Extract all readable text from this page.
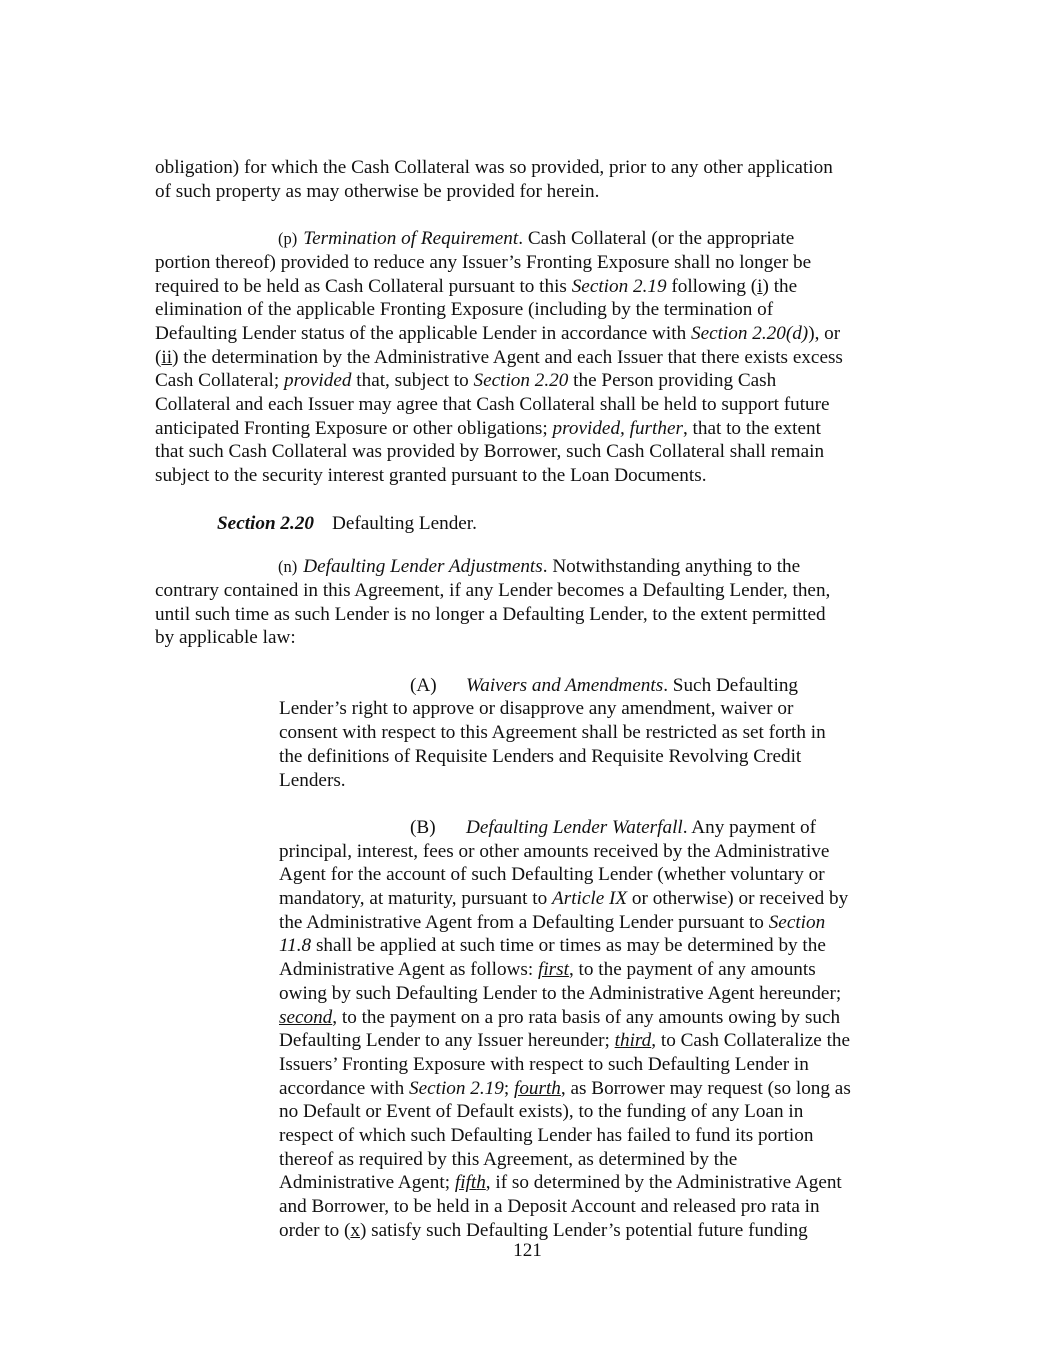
obligation) for which the Cash Collateral was so provided, prior to any other application
of such property as may otherwise be provided for herein.

(p) Termination of Requirement. Cash Collateral (or the appropriate
portion thereof) provided to reduce any Issuer’s Fronting Exposure shall no longer be
required to be held as Cash Collateral pursuant to this Section 2.19 following (i) the
elimination of the applicable Fronting Exposure (including by the termination of
Defaulting Lender status of the applicable Lender in accordance with Section 2.20(d)), or
(ii) the determination by the Administrative Agent and each Issuer that there exists excess
Cash Collateral; provided that, subject to Section 2.20 the Person providing Cash
Collateral and each Issuer may agree that Cash Collateral shall be held to support future
anticipated Fronting Exposure or other obligations; provided, further, that to the extent
that such Cash Collateral was provided by Borrower, such Cash Collateral shall remain
subject to the security interest granted pursuant to the Loan Documents.

Section 2.20 Defaulting Lender.

(n) Defaulting Lender Adjustments. Notwithstanding anything to the
contrary contained in this Agreement, if any Lender becomes a Defaulting Lender, then,
until such time as such Lender is no longer a Defaulting Lender, to the extent permitted
by applicable law:

(A) Waivers and Amendments. Such Defaulting
Lender’s right to approve or disapprove any amendment, waiver or
consent with respect to this Agreement shall be restricted as set forth in
the definitions of Requisite Lenders and Requisite Revolving Credit
Lenders.
(B) Defaulting Lender Waterfall. Any payment of
principal, interest, fees or other amounts received by the Administrative
Agent for the account of such Defaulting Lender (whether voluntary or
mandatory, at maturity, pursuant to Article IX or otherwise) or received by
the Administrative Agent from a Defaulting Lender pursuant to Section
11.8 shall be applied at such time or times as may be determined by the
Administrative Agent as follows: first, to the payment of any amounts
owing by such Defaulting Lender to the Administrative Agent hereunder;
second, to the payment on a pro rata basis of any amounts owing by such
Defaulting Lender to any Issuer hereunder; third, to Cash Collateralize the
Issuers’ Fronting Exposure with respect to such Defaulting Lender in
accordance with Section 2.19; fourth, as Borrower may request (so long as
no Default or Event of Default exists), to the funding of any Loan in
respect of which such Defaulting Lender has failed to fund its portion
thereof as required by this Agreement, as determined by the
Administrative Agent; fifth, if so determined by the Administrative Agent
and Borrower, to be held in a Deposit Account and released pro rata in
order to (x) satisfy such Defaulting Lender’s potential future funding
121
